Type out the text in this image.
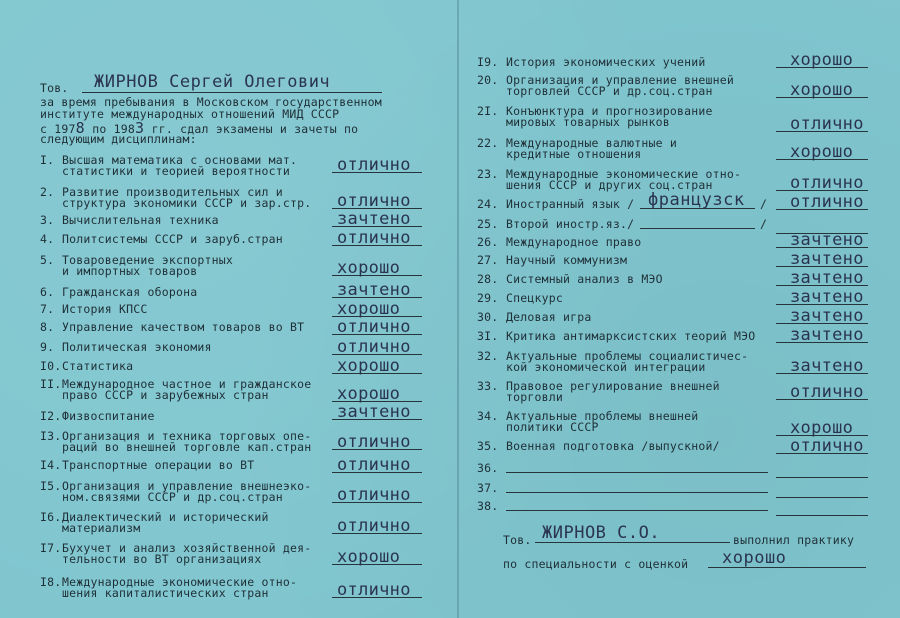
Тов. ЖИРНОВ Сергей Олегович
за время пребывания в Московском государственном
институте международных отношений МИД СССР
с 1978 по 1983 гг. сдал экзамены и зачеты по
следующим дисциплинам:
I. Высшая математика с основами мат.
статистики и теорией вероятности	отлично
2. Развитие производительных сил и
структура экономики СССР и зар.стр. отлично
3. Вычислительная техника	зачтено
4. Политсистемы СССР и заруб.стран	отлично
5. Товароведение экспортных
и импортных товаров	хорошо
6. Гражданская оборона	зачтено
7. История КПСС	хорошо
8. Управление качеством товаров во ВТ отлично
9. Политическая экономия	отлично
I0. Статистика	хорошо
II. Международное частное и гражданское
право СССР и зарубежных стран	хорошо
I2. Физвоспитание	зачтено
I3. Организация и техника торговых опе-
раций во внешней торговле кап.стран отлично
I4. Транспортные операции во ВТ	отлично
I5. Организация и управление внешнеэко-
ном.связями СССР и др.соц.стран	отлично
I6. Диалектический и исторический
материализм	отлично
I7. Бухучет и анализ хозяйственной дея-
тельности во ВТ организациях	хорошо
I8. Международные экономические отно-
шения капиталистических стран	отлично
I9. История экономических учений	хорошо
20. Организация и управление внешней
торговлей СССР и др.соц.стран	хорошо
2I. Конъюнктура и прогнозирование
мировых товарных рынков	отлично
22. Международные валютные и
кредитные отношения	хорошо
23. Международные экономические отно-
шения СССР и других соц.стран	отлично
24. Иностранный язык / французск / отлично
25. Второй иностр.яз./	/
26. Международное право	зачтено
27. Научный коммунизм	зачтено
28. Системный анализ в МЭО	зачтено
29. Спецкурс	зачтено
30. Деловая игра	зачтено
3I. Критика антимарксистских теорий МЭО зачтено
32. Актуальные проблемы социалистичес-
кой экономической интеграции	зачтено
33. Правовое регулирование внешней
торговли	отлично
34. Актуальные проблемы внешней
политики СССР	хорошо
35. Военная подготовка /выпускной/	отлично
36.
37.
38.
Тов. ЖИРНОВ С.О.	выполнил практику
по специальности с оценкой хорошо
